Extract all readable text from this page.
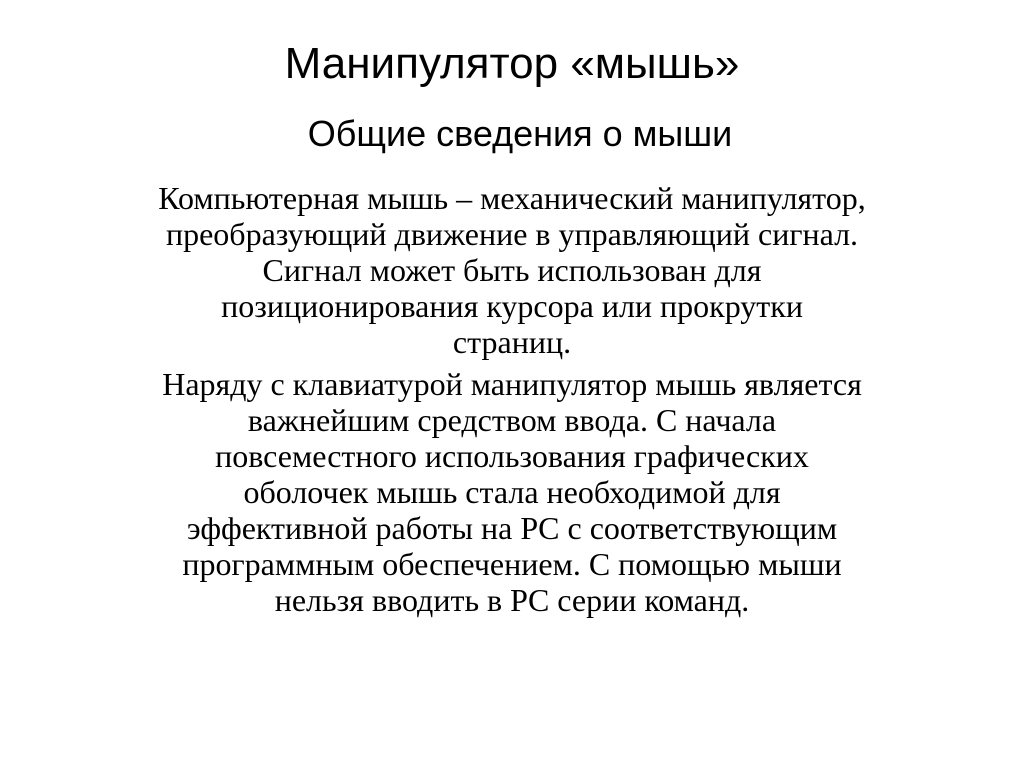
Манипулятор «мышь»
Общие сведения о мыши
Компьютерная мышь – механический манипулятор,
преобразующий движение в управляющий сигнал.
Сигнал может быть использован для
позиционирования курсора или прокрутки
страниц.
Наряду с клавиатурой манипулятор мышь является
важнейшим средством ввода. С начала
повсеместного использования графических
оболочек мышь стала необходимой для
эффективной работы на PC с соответствующим
программным обеспечением. С помощью мыши
нельзя вводить в PC серии команд.
